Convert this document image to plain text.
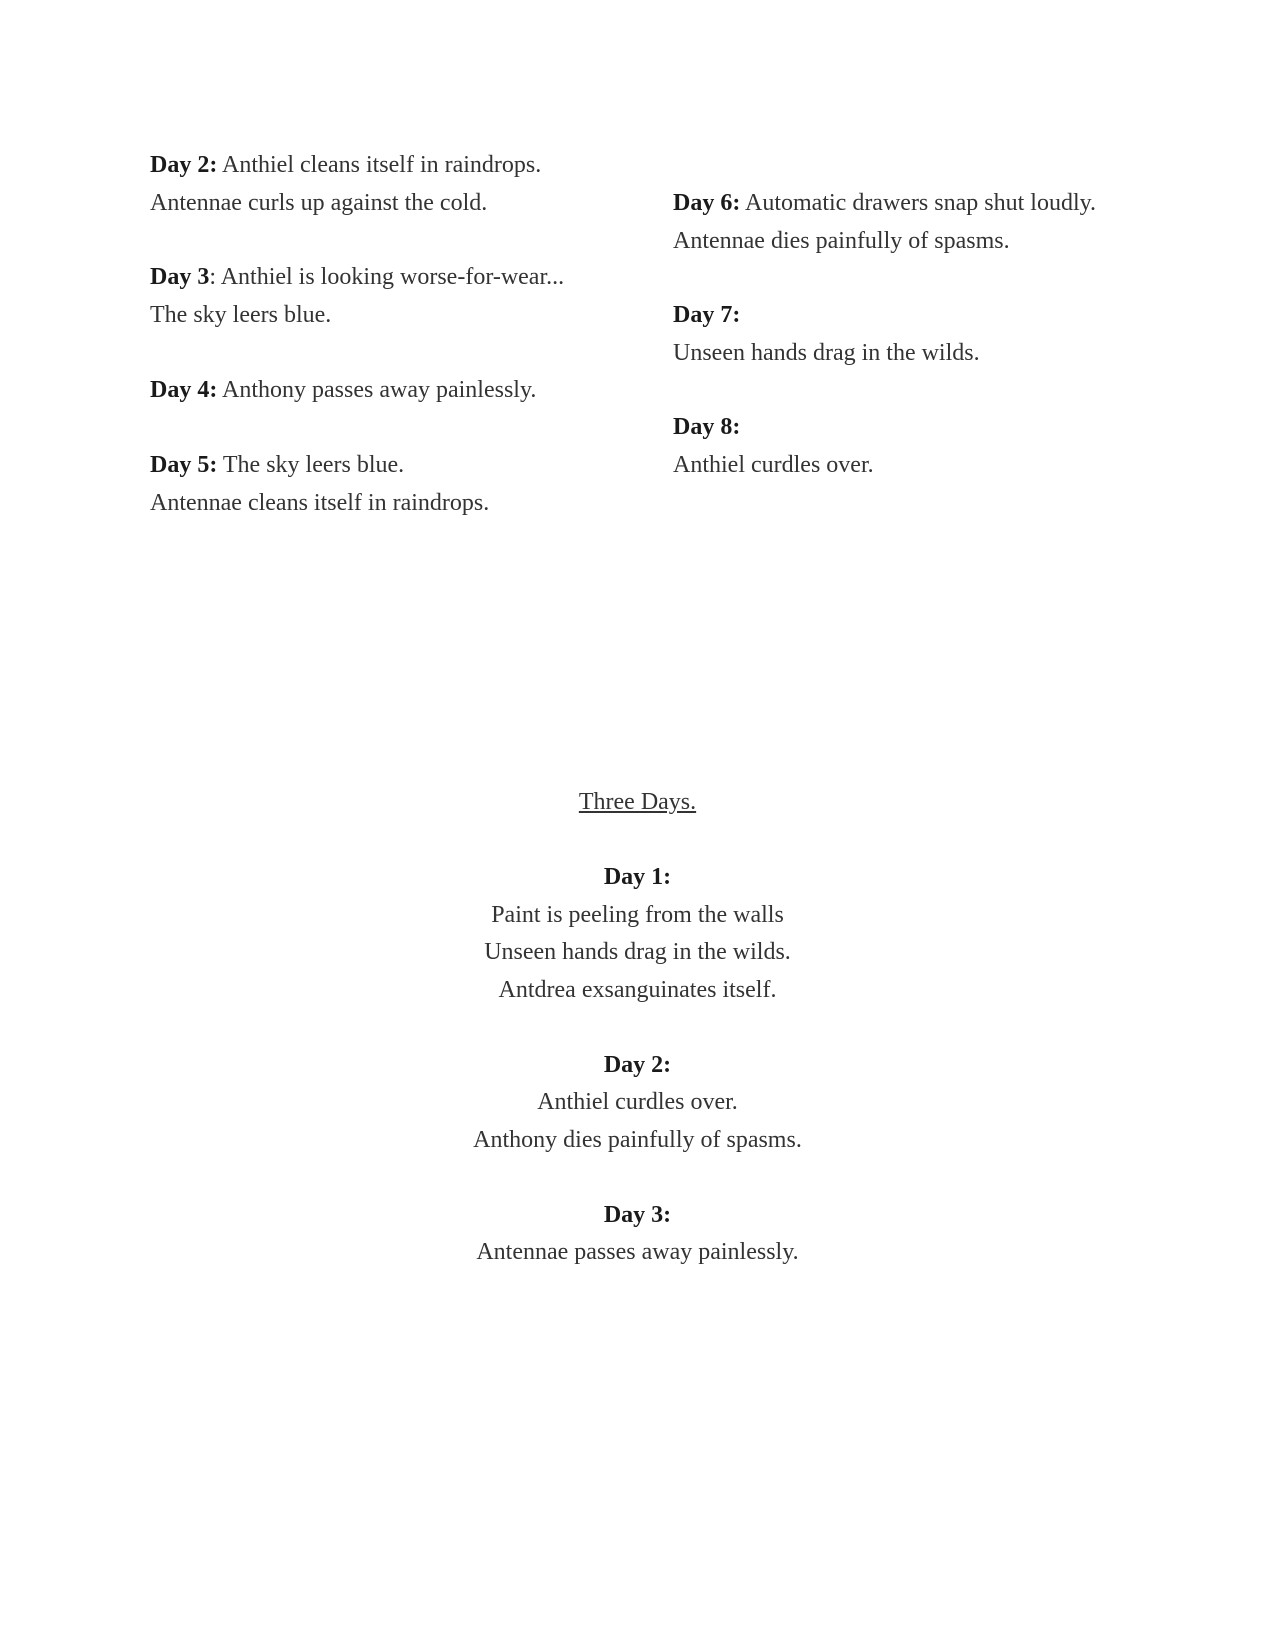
Day 2: Anthiel cleans itself in raindrops.
Antennae curls up against the cold.
Day 3: Anthiel is looking worse-for-wear...
The sky leers blue.
Day 4: Anthony passes away painlessly.
Day 5: The sky leers blue.
Antennae cleans itself in raindrops.
Day 6: Automatic drawers snap shut loudly.
Antennae dies painfully of spasms.
Day 7:
Unseen hands drag in the wilds.
Day 8:
Anthiel curdles over.
Three Days.
Day 1:
Paint is peeling from the walls
Unseen hands drag in the wilds.
Antdrea exsanguinates itself.
Day 2:
Anthiel curdles over.
Anthony dies painfully of spasms.
Day 3:
Antennae passes away painlessly.
